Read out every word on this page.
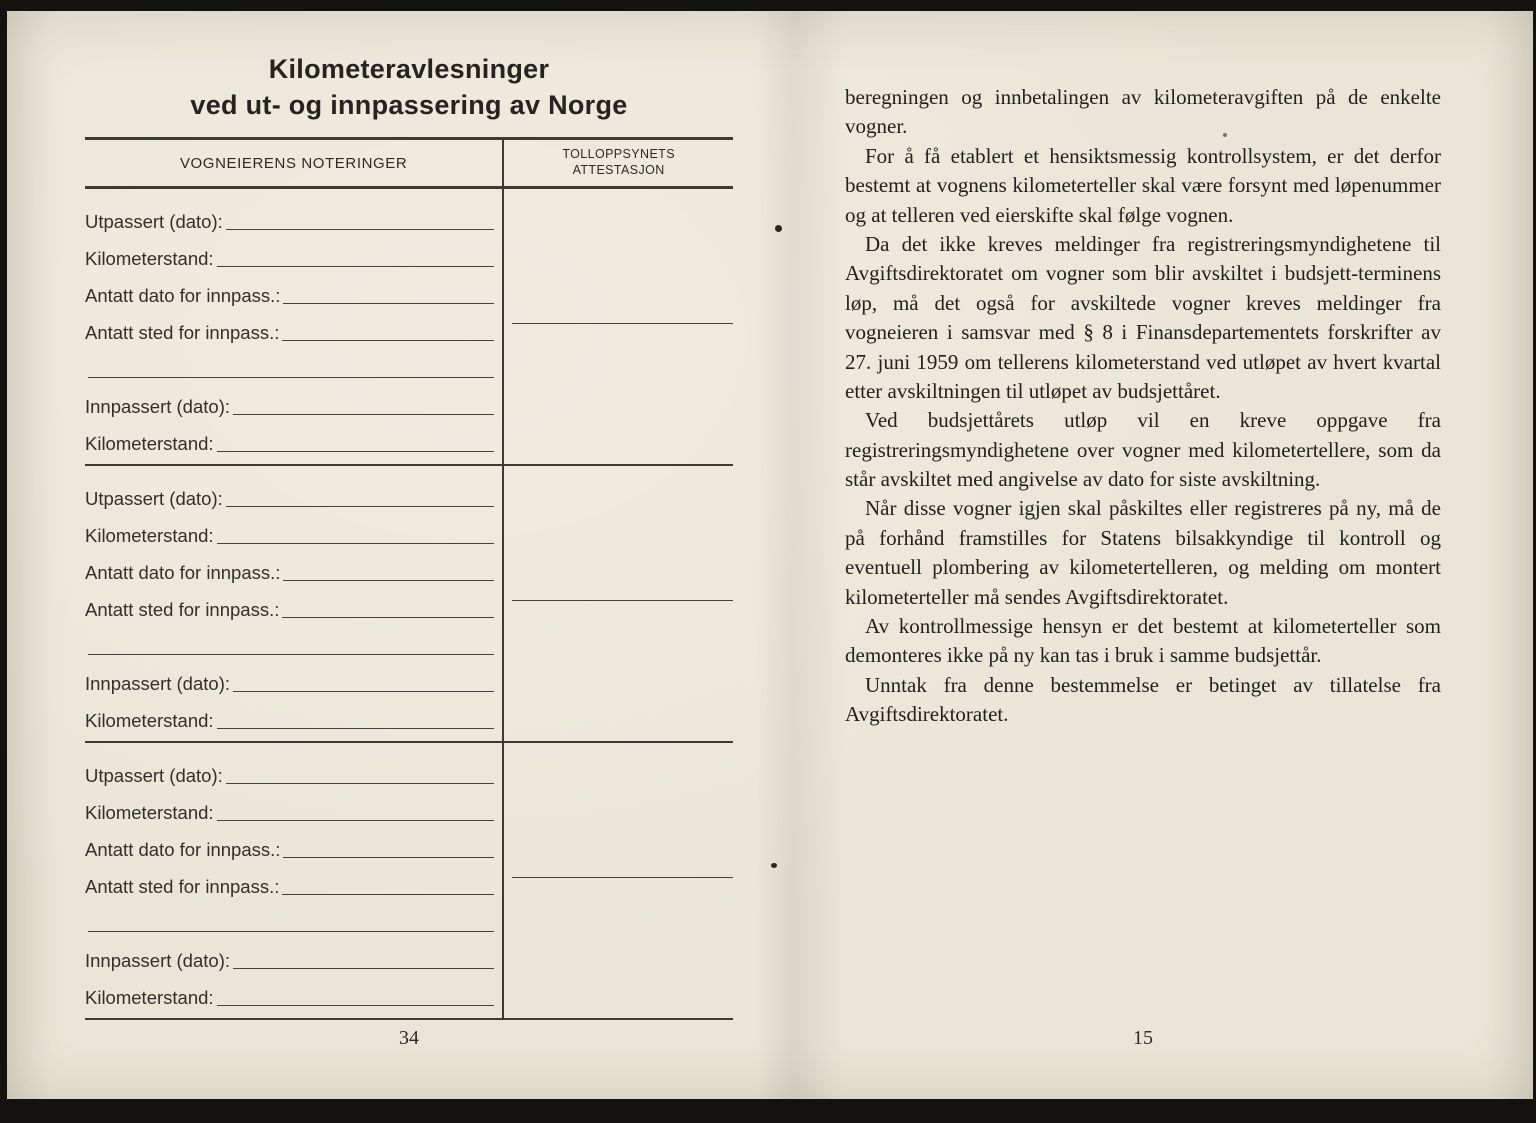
Kilometeravlesninger
ved ut- og innpassering av Norge
VOGNEIERENS NOTERINGER
TOLLOPPSYNETS
ATTESTASJON
Utpassert (dato):
Kilometerstand:
Antatt dato for innpass.:
Antatt sted for innpass.:
Innpassert (dato):
Kilometerstand:
Utpassert (dato):
Kilometerstand:
Antatt dato for innpass.:
Antatt sted for innpass.:
Innpassert (dato):
Kilometerstand:
Utpassert (dato):
Kilometerstand:
Antatt dato for innpass.:
Antatt sted for innpass.:
Innpassert (dato):
Kilometerstand:
34

beregningen og innbetalingen av kilometeravgiften på de enkelte vogner.

For å få etablert et hensiktsmessig kontrollsystem, er det derfor bestemt at vognens kilometerteller skal være forsynt med løpenummer og at telleren ved eierskifte skal følge vognen.

Da det ikke kreves meldinger fra registreringsmyndighetene til Avgiftsdirektoratet om vogner som blir avskiltet i budsjett-terminens løp, må det også for avskiltede vogner kreves meldinger fra vogneieren i samsvar med § 8 i Finansdepartementets forskrifter av 27. juni 1959 om tellerens kilometerstand ved utløpet av hvert kvartal etter avskiltningen til utløpet av budsjettåret.

Ved budsjettårets utløp vil en kreve oppgave fra registreringsmyndighetene over vogner med kilometertellere, som da står avskiltet med angivelse av dato for siste avskiltning.

Når disse vogner igjen skal påskiltes eller registreres på ny, må de på forhånd framstilles for Statens bilsakkyndige til kontroll og eventuell plombering av kilometertelleren, og melding om montert kilometerteller må sendes Avgiftsdirektoratet.

Av kontrollmessige hensyn er det bestemt at kilometerteller som demonteres ikke på ny kan tas i bruk i samme budsjettår.

Unntak fra denne bestemmelse er betinget av tillatelse fra Avgiftsdirektoratet.

15
